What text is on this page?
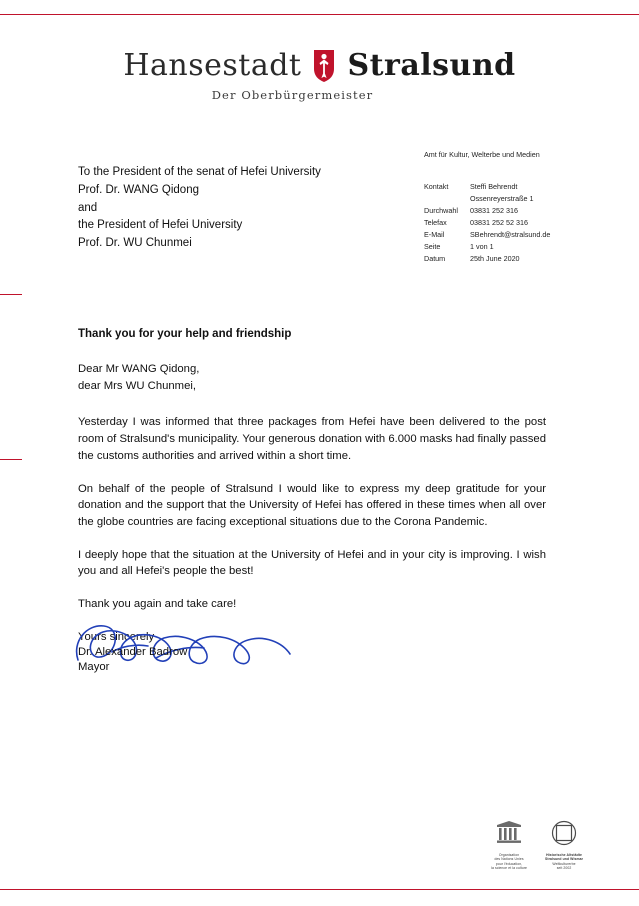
Hansestadt Stralsund
Der Oberbürgermeister
Amt für Kultur, Welterbe und Medien
Kontakt	Steffi Behrendt
	Ossenreyerstraße 1
Durchwahl	03831 252 316
Telefax	03831 252 52 316
E-Mail	SBehrendt@stralsund.de
Seite	1 von 1
Datum	25th June 2020
To the President of the senat of Hefei University
Prof. Dr. WANG Qidong
and
the President of Hefei University
Prof. Dr. WU Chunmei
Thank you for your help and friendship

Dear Mr WANG Qidong,
dear Mrs WU Chunmei,

Yesterday I was informed that three packages from Hefei have been delivered to the post room of Stralsund's municipality. Your generous donation with 6.000 masks had finally passed the customs authorities and arrived within a short time.

On behalf of the people of Stralsund I would like to express my deep gratitude for your donation and the support that the University of Hefei has offered in these times when all over the globe countries are facing exceptional situations due to the Corona Pandemic.

I deeply hope that the situation at the University of Hefei and in your city is improving. I wish you and all Hefei's people the best!

Thank you again and take care!

Yours sincerely

Dr. Alexander Badrow
Mayor
Organisation
des Nations Unies
pour l'éducation,
la science et la culture
Historische Altstädte
Stralsund und Wismar
Weltkulturerbe
seit 2002
